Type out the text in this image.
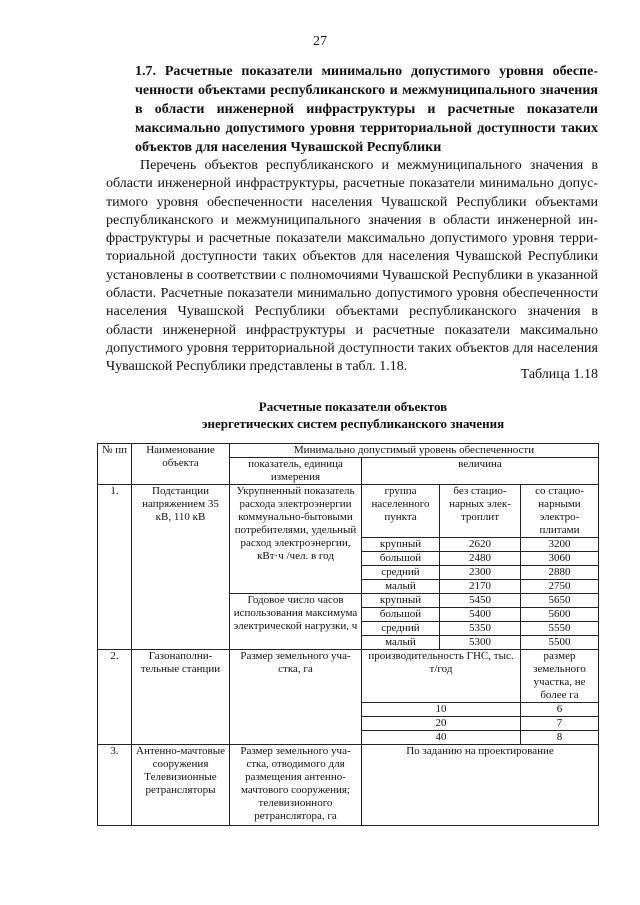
27
1.7. Расчетные показатели минимально допустимого уровня обеспеченности объектами республиканского и межмуниципального значения в области инженерной инфраструктуры и расчетные показатели максимально допустимого уровня территориальной доступности таких объектов для населения Чувашской Республики
Перечень объектов республиканского и межмуниципального значения в области инженерной инфраструктуры, расчетные показатели минимально допустимого уровня обеспеченности населения Чувашской Республики объектами республиканского и межмуниципального значения в области инженерной инфраструктуры и расчетные показатели максимально допустимого уровня территориальной доступности таких объектов для населения Чувашской Республики установлены в соответствии с полномочиями Чувашской Республики в указанной области. Расчетные показатели минимально допустимого уровня обеспеченности населения Чувашской Республики объектами республиканского значения в области инженерной инфраструктуры и расчетные показатели максимально допустимого уровня территориальной доступности таких объектов для населения Чувашской Республики представлены в табл. 1.18.
Таблица 1.18
Расчетные показатели объектов
энергетических систем республиканского значения
№ пп	Наименование объекта	Минимально допустимый уровень обеспеченности			
		показатель, единица измерения	величина		
1.	Подстанции напряжением 35 кВ, 110 кВ	Укрупненный показатель расхода электроэнергии коммунально-бытовыми потребителями, удельный расход электроэнергии, кВт·ч /чел. в год	группа населенного пункта	без стационарных электроплит	со стационарными электроплитами
			крупный	2620	3200
			большой	2480	3060
			средний	2300	2880
			малый	2170	2750
		Годовое число часов использования максимума электрической нагрузки, ч	крупный	5450	5650
			большой	5400	5600
			средний	5350	5550
			малый	5300	5500
2.	Газонаполнительные станции	Размер земельного участка, га	производительность ГНС, тыс. т/год		размер земельного участка, не более га
			10		6
			20		7
			40		8
3.	Антенно-мачтовые сооружения Телевизионные ретрансляторы	Размер земельного участка, отводимого для размещения антенно-мачтового сооружения; телевизионного ретранслятора, га	По заданию на проектирование		
